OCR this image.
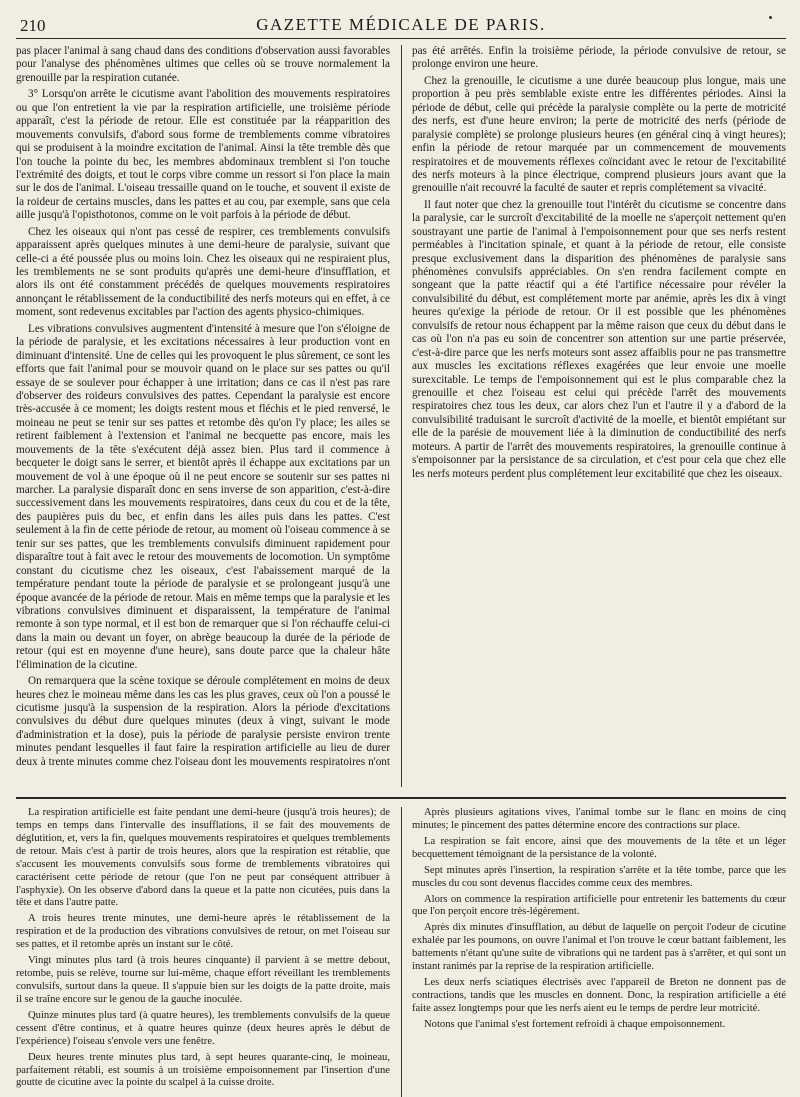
210	GAZETTE MÉDICALE DE PARIS.

pas placer l'animal à sang chaud dans des conditions d'observation aussi favorables pour l'analyse des phénomènes ultimes que celles où se trouve normalement la grenouille par la respiration cutanée.

3° Lorsqu'on arrête le cicutisme avant l'abolition des mouvements respiratoires ou que l'on entretient la vie par la respiration artificielle, une troisième période apparaît, c'est la période de retour. Elle est constituée par la réapparition des mouvements convulsifs, d'abord sous forme de tremblements comme vibratoires qui se produisent à la moindre excitation de l'animal. Ainsi la tête tremble dès que l'on touche la pointe du bec, les membres abdominaux tremblent si l'on touche l'extrémité des doigts, et tout le corps vibre comme un ressort si l'on place la main sur le dos de l'animal. L'oiseau tressaille quand on le touche, et souvent il existe de la roideur de certains muscles, dans les pattes et au cou, par exemple, sans que cela aille jusqu'à l'opisthotonos, comme on le voit parfois à la période de début.

Chez les oiseaux qui n'ont pas cessé de respirer, ces tremblements convulsifs apparaissent après quelques minutes à une demi-heure de paralysie, suivant que celle-ci a été poussée plus ou moins loin. Chez les oiseaux qui ne respiraient plus, les tremblements ne se sont produits qu'après une demi-heure d'insufflation, et alors ils ont été constamment précédés de quelques mouvements respiratoires annonçant le rétablissement de la conductibilité des nerfs moteurs qui en effet, à ce moment, sont redevenus excitables par l'action des agents physico-chimiques.

Les vibrations convulsives augmentent d'intensité à mesure que l'on s'éloigne de la période de paralysie, et les excitations nécessaires à leur production vont en diminuant d'intensité. Une de celles qui les provoquent le plus sûrement, ce sont les efforts que fait l'animal pour se mouvoir quand on le place sur ses pattes ou qu'il essaye de se soulever pour échapper à une irritation; dans ce cas il n'est pas rare d'observer des roideurs convulsives des pattes. Cependant la paralysie est encore très-accusée à ce moment; les doigts restent mous et fléchis et le pied renversé, le moineau ne peut se tenir sur ses pattes et retombe dès qu'on l'y place; les ailes se retirent faiblement à l'extension et l'animal ne becquette pas encore, mais les mouvements de la tête s'exécutent déjà assez bien. Plus tard il commence à becqueter le doigt sans le serrer, et bientôt après il échappe aux excitations par un mouvement de vol à une époque où il ne peut encore se soutenir sur ses pattes ni marcher. La paralysie disparaît donc en sens inverse de son apparition, c'est-à-dire successivement dans les mouvements respiratoires, dans ceux du cou et de la tête, des paupières puis du bec, et enfin dans les ailes puis dans les pattes. C'est seulement à la fin de cette période de retour, au moment où l'oiseau commence à se tenir sur ses pattes, que les tremblements convulsifs diminuent rapidement pour disparaître tout à fait avec le retour des mouvements de locomotion. Un symptôme constant du cicutisme chez les oiseaux, c'est l'abaissement marqué de la température pendant toute la période de paralysie et se prolongeant jusqu'à une époque avancée de la période de retour. Mais en même temps que la paralysie et les vibrations convulsives diminuent et disparaissent, la température de l'animal remonte à son type normal, et il est bon de remarquer que si l'on réchauffe celui-ci dans la main ou devant un foyer, on abrège beaucoup la durée de la période de retour (qui est en moyenne d'une heure), sans doute parce que la chaleur hâte l'élimination de la cicutine.

On remarquera que la scène toxique se déroule complétement en moins de deux heures chez le moineau même dans les cas les plus graves, ceux où l'on a poussé le cicutisme jusqu'à la suspension de la respiration. Alors la période d'excitations convulsives du début dure quelques minutes (deux à vingt, suivant le mode d'administration et la dose), puis la période de paralysie persiste environ trente minutes pendant lesquelles il faut faire la respiration artificielle au lieu de durer deux à trente minutes comme chez l'oiseau dont les mouvements respiratoires n'ont pas été arrêtés. Enfin la troisième période, la période convulsive de retour, se prolonge environ une heure.

Chez la grenouille, le cicutisme a une durée beaucoup plus longue, mais une proportion à peu près semblable existe entre les différentes périodes. Ainsi la période de début, celle qui précède la paralysie complète ou la perte de motricité des nerfs, est d'une heure environ; la perte de motricité des nerfs (période de paralysie complète) se prolonge plusieurs heures (en général cinq à vingt heures); enfin la période de retour marquée par un commencement de mouvements respiratoires et de mouvements réflexes coïncidant avec le retour de l'excitabilité des nerfs moteurs à la pince électrique, comprend plusieurs jours avant que la grenouille n'ait recouvré la faculté de sauter et repris complétement sa vivacité.

Il faut noter que chez la grenouille tout l'intérêt du cicutisme se concentre dans la paralysie, car le surcroît d'excitabilité de la moelle ne s'aperçoit nettement qu'en soustrayant une partie de l'animal à l'empoisonnement pour que ses nerfs restent perméables à l'incitation spinale, et quant à la période de retour, elle consiste presque exclusivement dans la disparition des phénomènes de paralysie sans phénomènes convulsifs appréciables. On s'en rendra facilement compte en songeant que la patte réactif qui a été l'artifice nécessaire pour révéler la convulsibilité du début, est complétement morte par anémie, après les dix à vingt heures qu'exige la période de retour. Or il est possible que les phénomènes convulsifs de retour nous échappent par la même raison que ceux du début dans le cas où l'on n'a pas eu soin de concentrer son attention sur une partie préservée, c'est-à-dire parce que les nerfs moteurs sont assez affaiblis pour ne pas transmettre aux muscles les excitations réflexes exagérées que leur envoie une moelle surexcitable. Le temps de l'empoisonnement qui est le plus comparable chez la grenouille et chez l'oiseau est celui qui précède l'arrêt des mouvements respiratoires chez tous les deux, car alors chez l'un et l'autre il y a d'abord de la convulsibilité traduisant le surcroît d'activité de la moelle, et bientôt empiétant sur elle de la parésie de mouvement liée à la diminution de conductibilité des nerfs moteurs. A partir de l'arrêt des mouvements respiratoires, la grenouille continue à s'empoisonner par la persistance de sa circulation, et c'est pour cela que chez elle les nerfs moteurs perdent plus complétement leur excitabilité que chez les oiseaux.

La respiration artificielle est faite pendant une demi-heure (jusqu'à trois heures); de temps en temps dans l'intervalle des insufflations, il se fait des mouvements de déglutition, et, vers la fin, quelques mouvements respiratoires et quelques tremblements de retour. Mais c'est à partir de trois heures, alors que la respiration est rétablie, que s'accusent les mouvements convulsifs sous forme de tremblements vibratoires qui caractérisent cette période de retour (que l'on ne peut par conséquent attribuer à l'asphyxie). On les observe d'abord dans la queue et la patte non cicutées, puis dans la tête et dans l'autre patte.

A trois heures trente minutes, une demi-heure après le rétablissement de la respiration et de la production des vibrations convulsives de retour, on met l'oiseau sur ses pattes, et il retombe après un instant sur le côté.

Vingt minutes plus tard (à trois heures cinquante) il parvient à se mettre debout, retombe, puis se relève, tourne sur lui-même, chaque effort réveillant les tremblements convulsifs, surtout dans la queue. Il s'appuie bien sur les doigts de la patte droite, mais il se traîne encore sur le genou de la gauche inoculée.

Quinze minutes plus tard (à quatre heures), les tremblements convulsifs de la queue cessent d'être continus, et à quatre heures quinze (deux heures après le début de l'expérience) l'oiseau s'envole vers une fenêtre.

Deux heures trente minutes plus tard, à sept heures quarante-cinq, le moineau, parfaitement rétabli, est soumis à un troisième empoisonnement par l'insertion d'une goutte de cicutine avec la pointe du scalpel à la cuisse droite.

Après plusieurs agitations vives, l'animal tombe sur le flanc en moins de cinq minutes; le pincement des pattes détermine encore des contractions sur place.

La respiration se fait encore, ainsi que des mouvements de la tête et un léger becquettement témoignant de la persistance de la volonté.

Sept minutes après l'insertion, la respiration s'arrête et la tête tombe, parce que les muscles du cou sont devenus flaccides comme ceux des membres.

Alors on commence la respiration artificielle pour entretenir les battements du cœur que l'on perçoit encore très-légèrement.

Après dix minutes d'insufflation, au début de laquelle on perçoit l'odeur de cicutine exhalée par les poumons, on ouvre l'animal et l'on trouve le cœur battant faiblement, les battements n'étant qu'une suite de vibrations qui ne tardent pas à s'arrêter, et qui sont un instant ranimés par la reprise de la respiration artificielle.

Les deux nerfs sciatiques électrisés avec l'appareil de Breton ne donnent pas de contractions, tandis que les muscles en donnent. Donc, la respiration artificielle a été faite assez longtemps pour que les nerfs aient eu le temps de perdre leur motricité.

Notons que l'animal s'est fortement refroidi à chaque empoisonnement.
